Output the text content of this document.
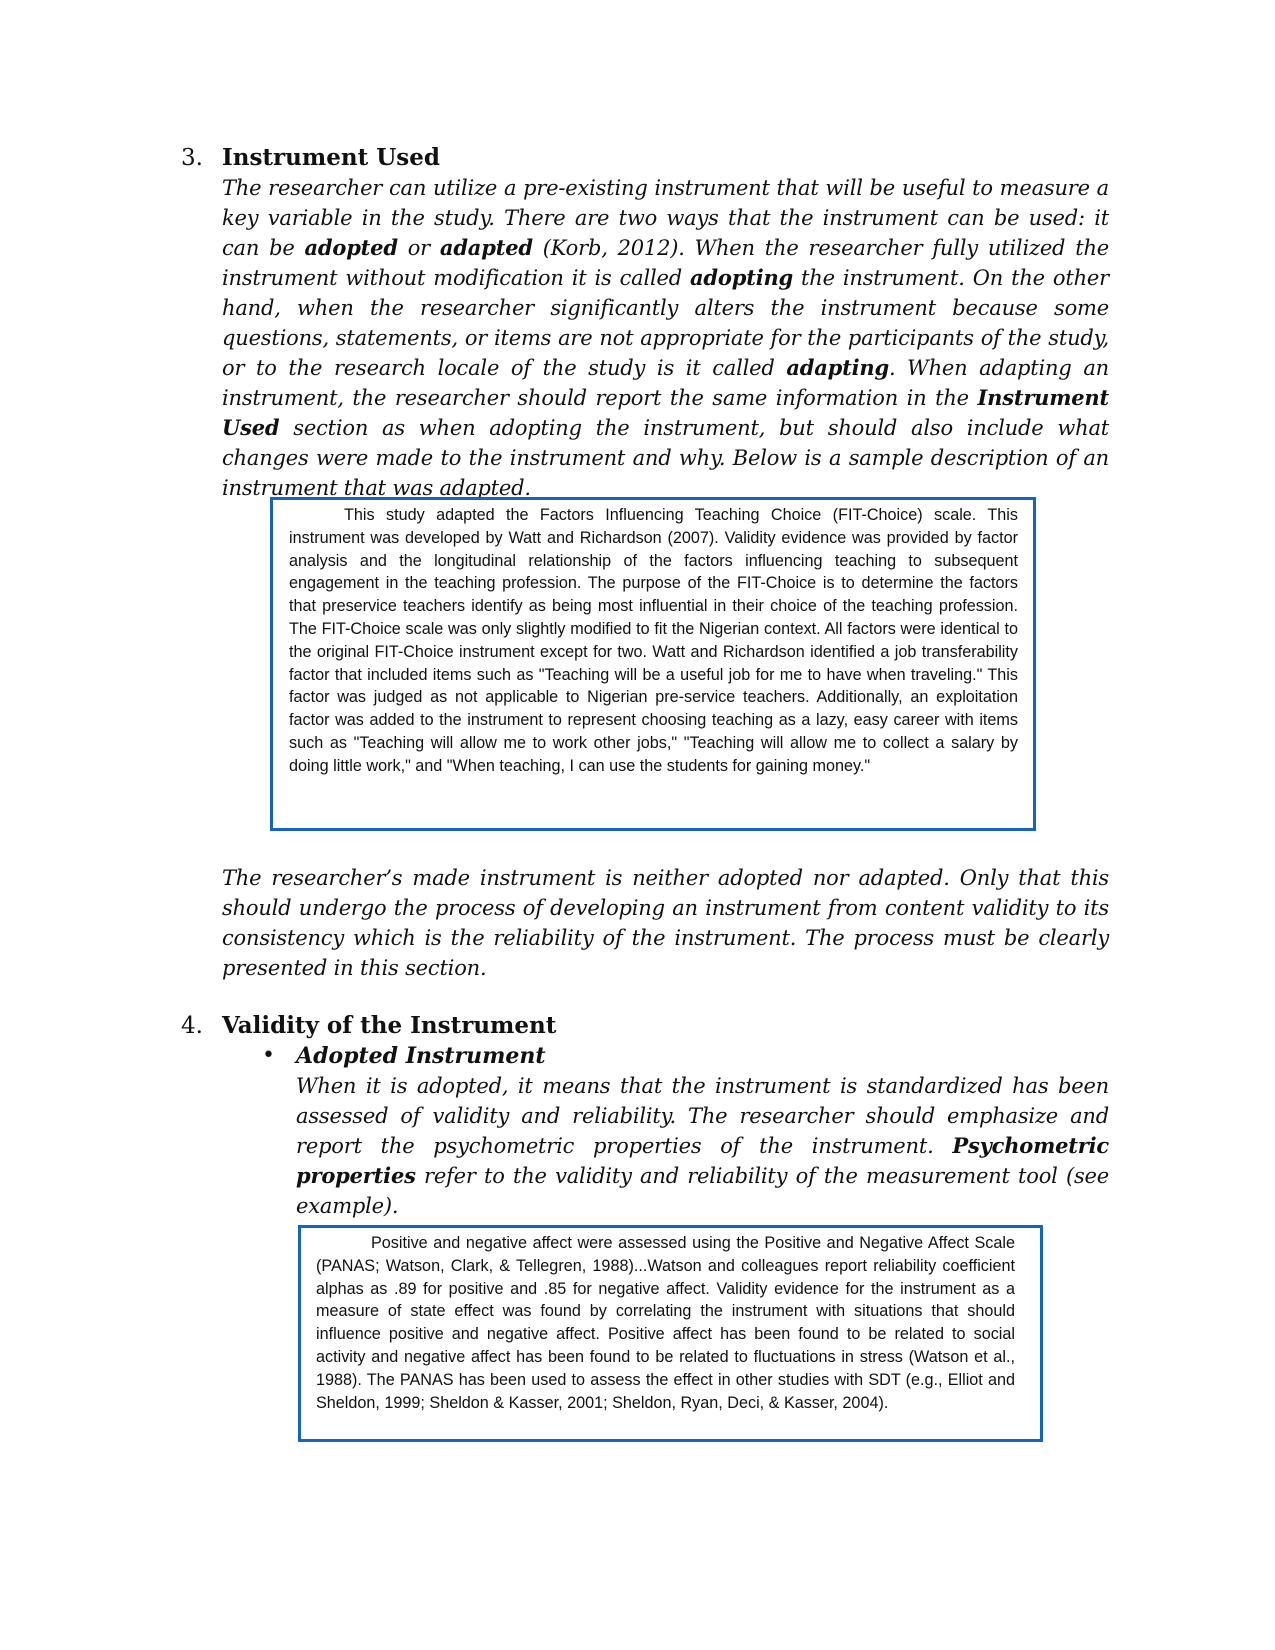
3. Instrument Used
The researcher can utilize a pre-existing instrument that will be useful to measure a key variable in the study. There are two ways that the instrument can be used: it can be adopted or adapted (Korb, 2012). When the researcher fully utilized the instrument without modification it is called adopting the instrument. On the other hand, when the researcher significantly alters the instrument because some questions, statements, or items are not appropriate for the participants of the study, or to the research locale of the study is it called adapting. When adapting an instrument, the researcher should report the same information in the Instrument Used section as when adopting the instrument, but should also include what changes were made to the instrument and why. Below is a sample description of an instrument that was adapted.

This study adapted the Factors Influencing Teaching Choice (FIT-Choice) scale. This instrument was developed by Watt and Richardson (2007). Validity evidence was provided by factor analysis and the longitudinal relationship of the factors influencing teaching to subsequent engagement in the teaching profession. The purpose of the FIT-Choice is to determine the factors that preservice teachers identify as being most influential in their choice of the teaching profession. The FIT-Choice scale was only slightly modified to fit the Nigerian context. All factors were identical to the original FIT-Choice instrument except for two. Watt and Richardson identified a job transferability factor that included items such as "Teaching will be a useful job for me to have when traveling." This factor was judged as not applicable to Nigerian pre-service teachers. Additionally, an exploitation factor was added to the instrument to represent choosing teaching as a lazy, easy career with items such as "Teaching will allow me to work other jobs," "Teaching will allow me to collect a salary by doing little work," and "When teaching, I can use the students for gaining money."

The researcher’s made instrument is neither adopted nor adapted. Only that this should undergo the process of developing an instrument from content validity to its consistency which is the reliability of the instrument. The process must be clearly presented in this section.
4. Validity of the Instrument
• Adopted Instrument
When it is adopted, it means that the instrument is standardized has been assessed of validity and reliability. The researcher should emphasize and report the psychometric properties of the instrument. Psychometric properties refer to the validity and reliability of the measurement tool (see example).

Positive and negative affect were assessed using the Positive and Negative Affect Scale (PANAS; Watson, Clark, & Tellegren, 1988)...Watson and colleagues report reliability coefficient alphas as .89 for positive and .85 for negative affect. Validity evidence for the instrument as a measure of state effect was found by correlating the instrument with situations that should influence positive and negative affect. Positive affect has been found to be related to social activity and negative affect has been found to be related to fluctuations in stress (Watson et al., 1988). The PANAS has been used to assess the effect in other studies with SDT (e.g., Elliot and Sheldon, 1999; Sheldon & Kasser, 2001; Sheldon, Ryan, Deci, & Kasser, 2004).
